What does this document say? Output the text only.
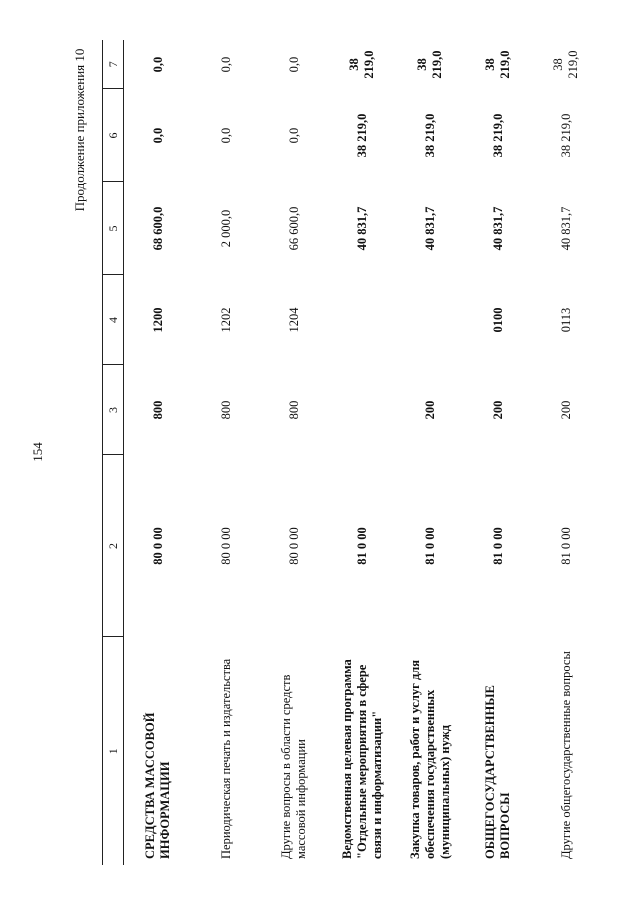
154
Продолжение приложения 10
1	2	3	4	5	6	7
СРЕДСТВА МАССОВОЙ ИНФОРМАЦИИ	80 0 00	800	1200	68 600,0	0,0	0,0
Периодическая печать и издательства	80 0 00	800	1202	2 000,0	0,0	0,0
Другие вопросы в области средств массовой информации	80 0 00	800	1204	66 600,0	0,0	0,0
Ведомственная целевая программа "Отдельные мероприятия в сфере связи и информатизации"	81 0 00			40 831,7	38 219,0	38 219,0
Закупка товаров, работ и услуг для обеспечения государственных (муниципальных) нужд	81 0 00	200		40 831,7	38 219,0	38 219,0
ОБЩЕГОСУДАРСТВЕННЫЕ ВОПРОСЫ	81 0 00	200	0100	40 831,7	38 219,0	38 219,0
Другие общегосударственные вопросы	81 0 00	200	0113	40 831,7	38 219,0	38 219,0
